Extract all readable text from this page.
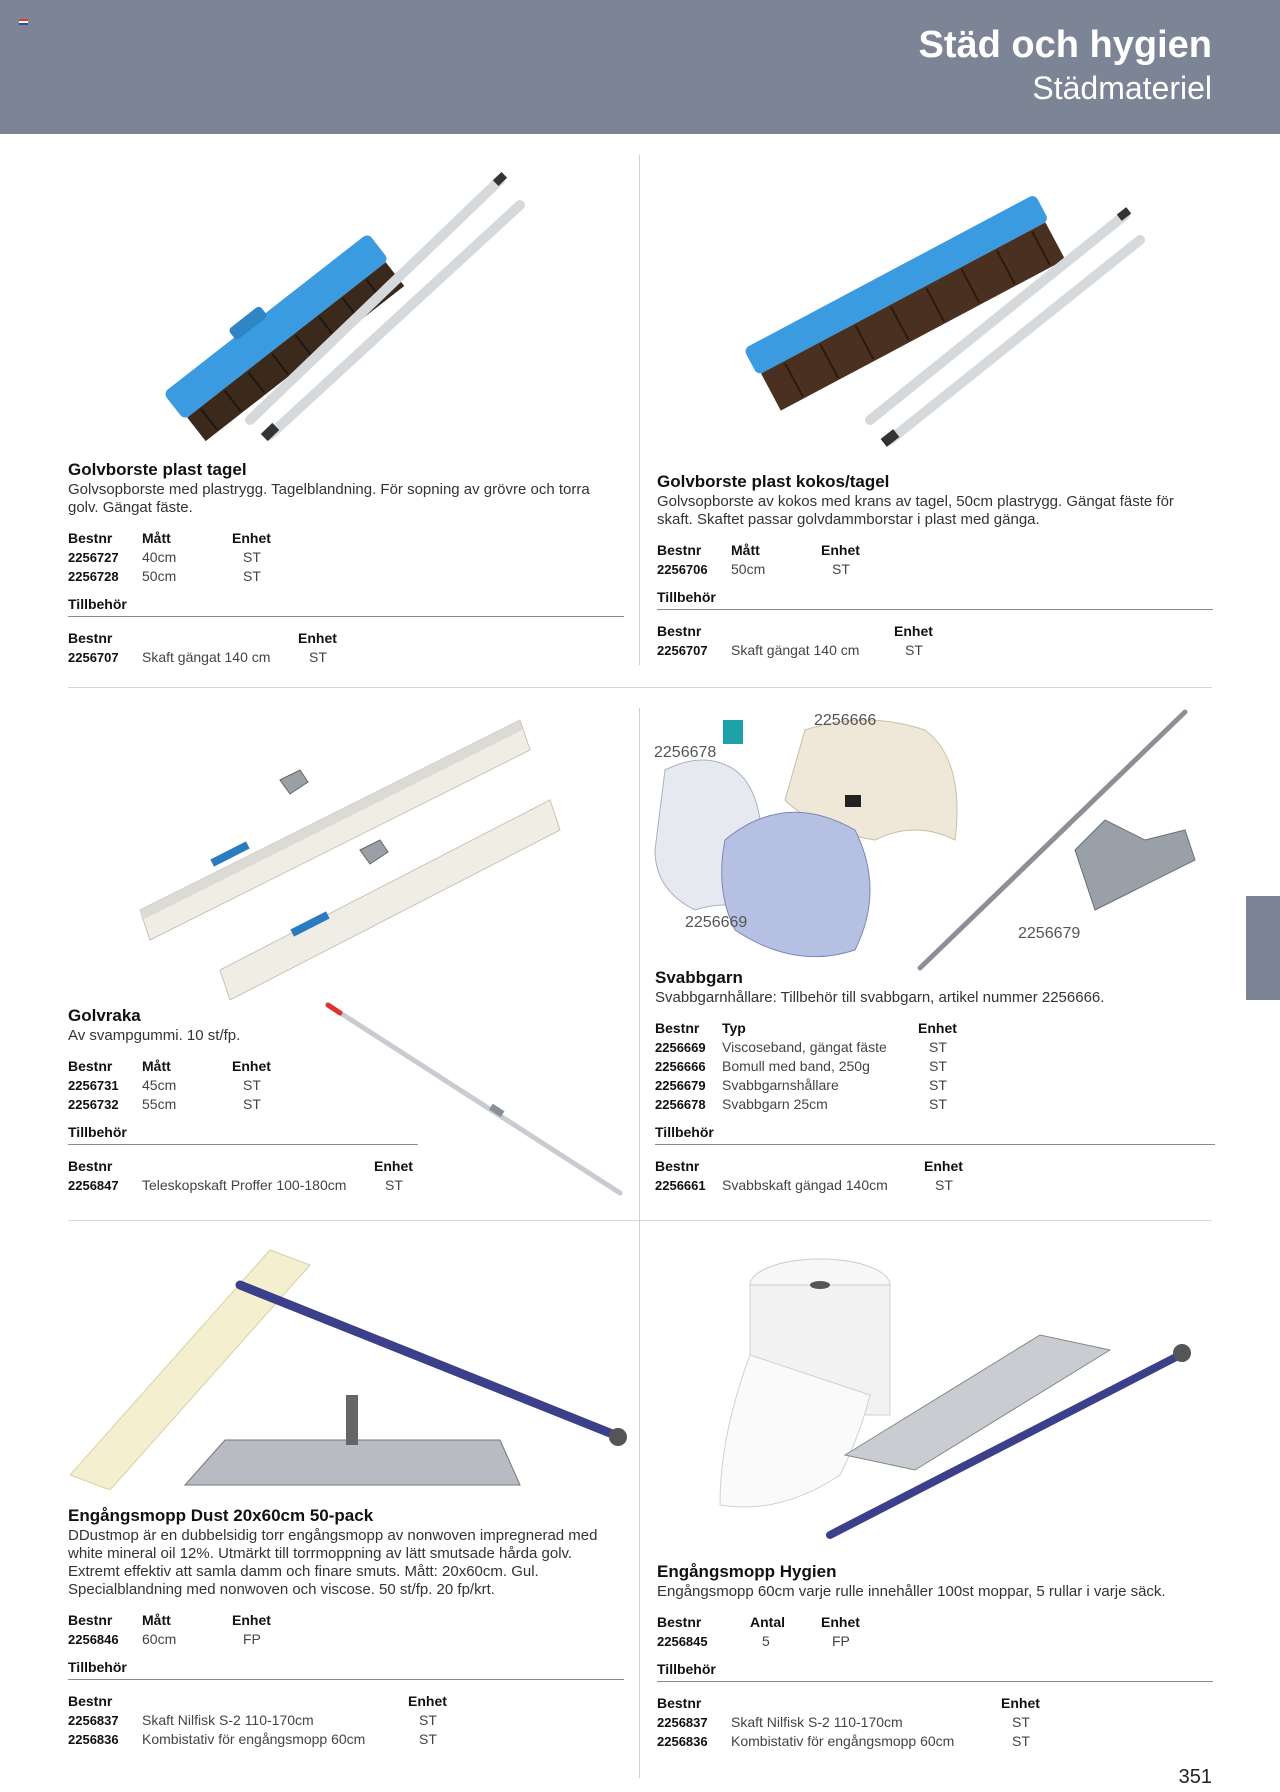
Städ och hygien
Städmateriel
2256666
2256678
2256669
2256679
Golvborste plast tagel
Golvsopborste med plastrygg. Tagelblandning. För sopning av grövre och torra golv. Gängat fäste.
Bestnr	Mått	Enhet
2256727	40cm	ST
2256728	50cm	ST
Tillbehör
Bestnr		Enhet
2256707	Skaft gängat 140 cm	ST
Golvborste plast kokos/tagel
Golvsopborste av kokos med krans av tagel, 50cm plastrygg. Gängat fäste för skaft. Skaftet passar golvdammborstar i plast med gänga.
Bestnr	Mått	Enhet
2256706	50cm	ST
Tillbehör
Bestnr		Enhet
2256707	Skaft gängat 140 cm	ST
Golvraka
Av svampgummi. 10 st/fp.
Bestnr	Mått	Enhet
2256731	45cm	ST
2256732	55cm	ST
Tillbehör
Bestnr		Enhet
2256847	Teleskopskaft Proffer 100-180cm	ST
Svabbgarn
Svabbgarnhållare: Tillbehör till svabbgarn, artikel nummer 2256666.
Bestnr	Typ	Enhet
2256669	Viscoseband, gängat fäste	ST
2256666	Bomull med band, 250g	ST
2256679	Svabbgarnshållare	ST
2256678	Svabbgarn 25cm	ST
Tillbehör
Bestnr		Enhet
2256661	Svabbskaft gängad 140cm	ST
Engångsmopp Dust 20x60cm 50-pack
DDustmop är en dubbelsidig torr engångsmopp av nonwoven impregnerad med white mineral oil 12%. Utmärkt till torrmoppning av lätt smutsade hårda golv. Extremt effektiv att samla damm och finare smuts. Mått: 20x60cm. Gul. Specialblandning med nonwoven och viscose. 50 st/fp. 20 fp/krt.
Bestnr	Mått	Enhet
2256846	60cm	FP
Tillbehör
Bestnr		Enhet
2256837	Skaft Nilfisk S-2 110-170cm	ST
2256836	Kombistativ för engångsmopp 60cm	ST
Engångsmopp Hygien
Engångsmopp 60cm varje rulle innehåller 100st moppar, 5 rullar i varje säck.
Bestnr	Antal	Enhet
2256845	5	FP
Tillbehör
Bestnr		Enhet
2256837	Skaft Nilfisk S-2 110-170cm	ST
2256836	Kombistativ för engångsmopp 60cm	ST
351
